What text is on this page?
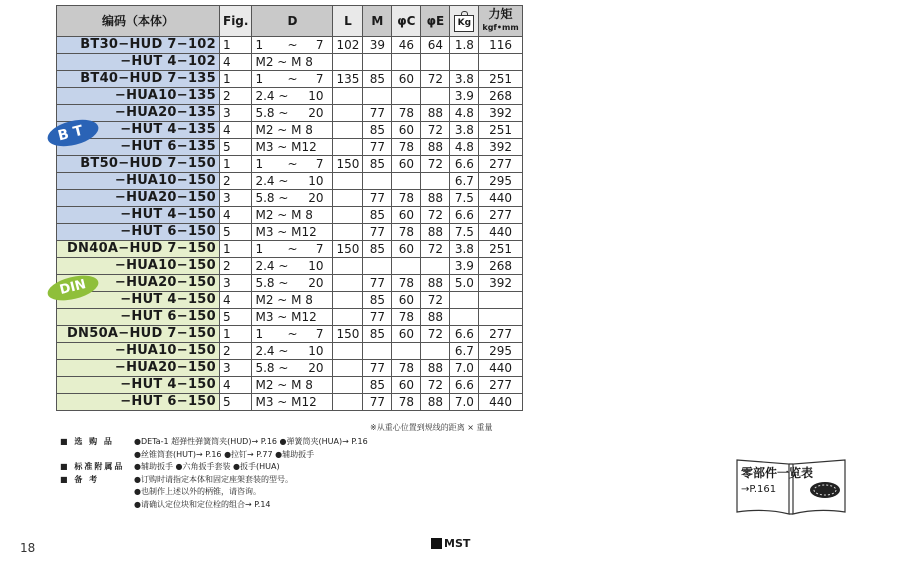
编码（本体）	Fig.	D	L	M	φC	φE	Kg	力矩
kgf•mm

BT30−HUD 7−102	1	1 ~ 7	102	39	46	64	1.8	116
−HUT 4−102	4	M2 ~ M 8						
BT40−HUD 7−135	1	1 ~ 7	135	85	60	72	3.8	251
−HUA10−135	2	2.4 ~ 10					3.9	268
−HUA20−135	3	5.8 ~ 20		77	78	88	4.8	392
−HUT 4−135	4	M2 ~ M 8		85	60	72	3.8	251
−HUT 6−135	5	M3 ~ M12		77	78	88	4.8	392
BT50−HUD 7−150	1	1 ~ 7	150	85	60	72	6.6	277
−HUA10−150	2	2.4 ~ 10					6.7	295
−HUA20−150	3	5.8 ~ 20		77	78	88	7.5	440
−HUT 4−150	4	M2 ~ M 8		85	60	72	6.6	277
−HUT 6−150	5	M3 ~ M12		77	78	88	7.5	440
DN40A−HUD 7−150	1	1 ~ 7	150	85	60	72	3.8	251
−HUA10−150	2	2.4 ~ 10					3.9	268
−HUA20−150	3	5.8 ~ 20		77	78	88	5.0	392
−HUT 4−150	4	M2 ~ M 8		85	60	72		
−HUT 6−150	5	M3 ~ M12		77	78	88		
DN50A−HUD 7−150	1	1 ~ 7	150	85	60	72	6.6	277
−HUA10−150	2	2.4 ~ 10					6.7	295
−HUA20−150	3	5.8 ~ 20		77	78	88	7.0	440
−HUT 4−150	4	M2 ~ M 8		85	60	72	6.6	277
−HUT 6−150	5	M3 ~ M12		77	78	88	7.0	440
BT
DIN
※从重心位置到规线的距离 × 重量
■ 选 购 品	●DETa-1 超弹性弹簧筒夹(HUD)→ P.16 ●弹簧筒夹(HUA)→ P.16
●丝锥筒套(HUT)→ P.16 ●拉钉→ P.77 ●辅助扳手
■ 标准附属品	●辅助扳手 ●六角扳手套装 ●扳手(HUA)
■ 备 考	●订购时请指定本体和固定座架套装的型号。
●也制作上述以外的柄锥，请咨询。
●请确认定位块和定位栓的组合→ P.14
零部件一览表
→P.161
18	MST
